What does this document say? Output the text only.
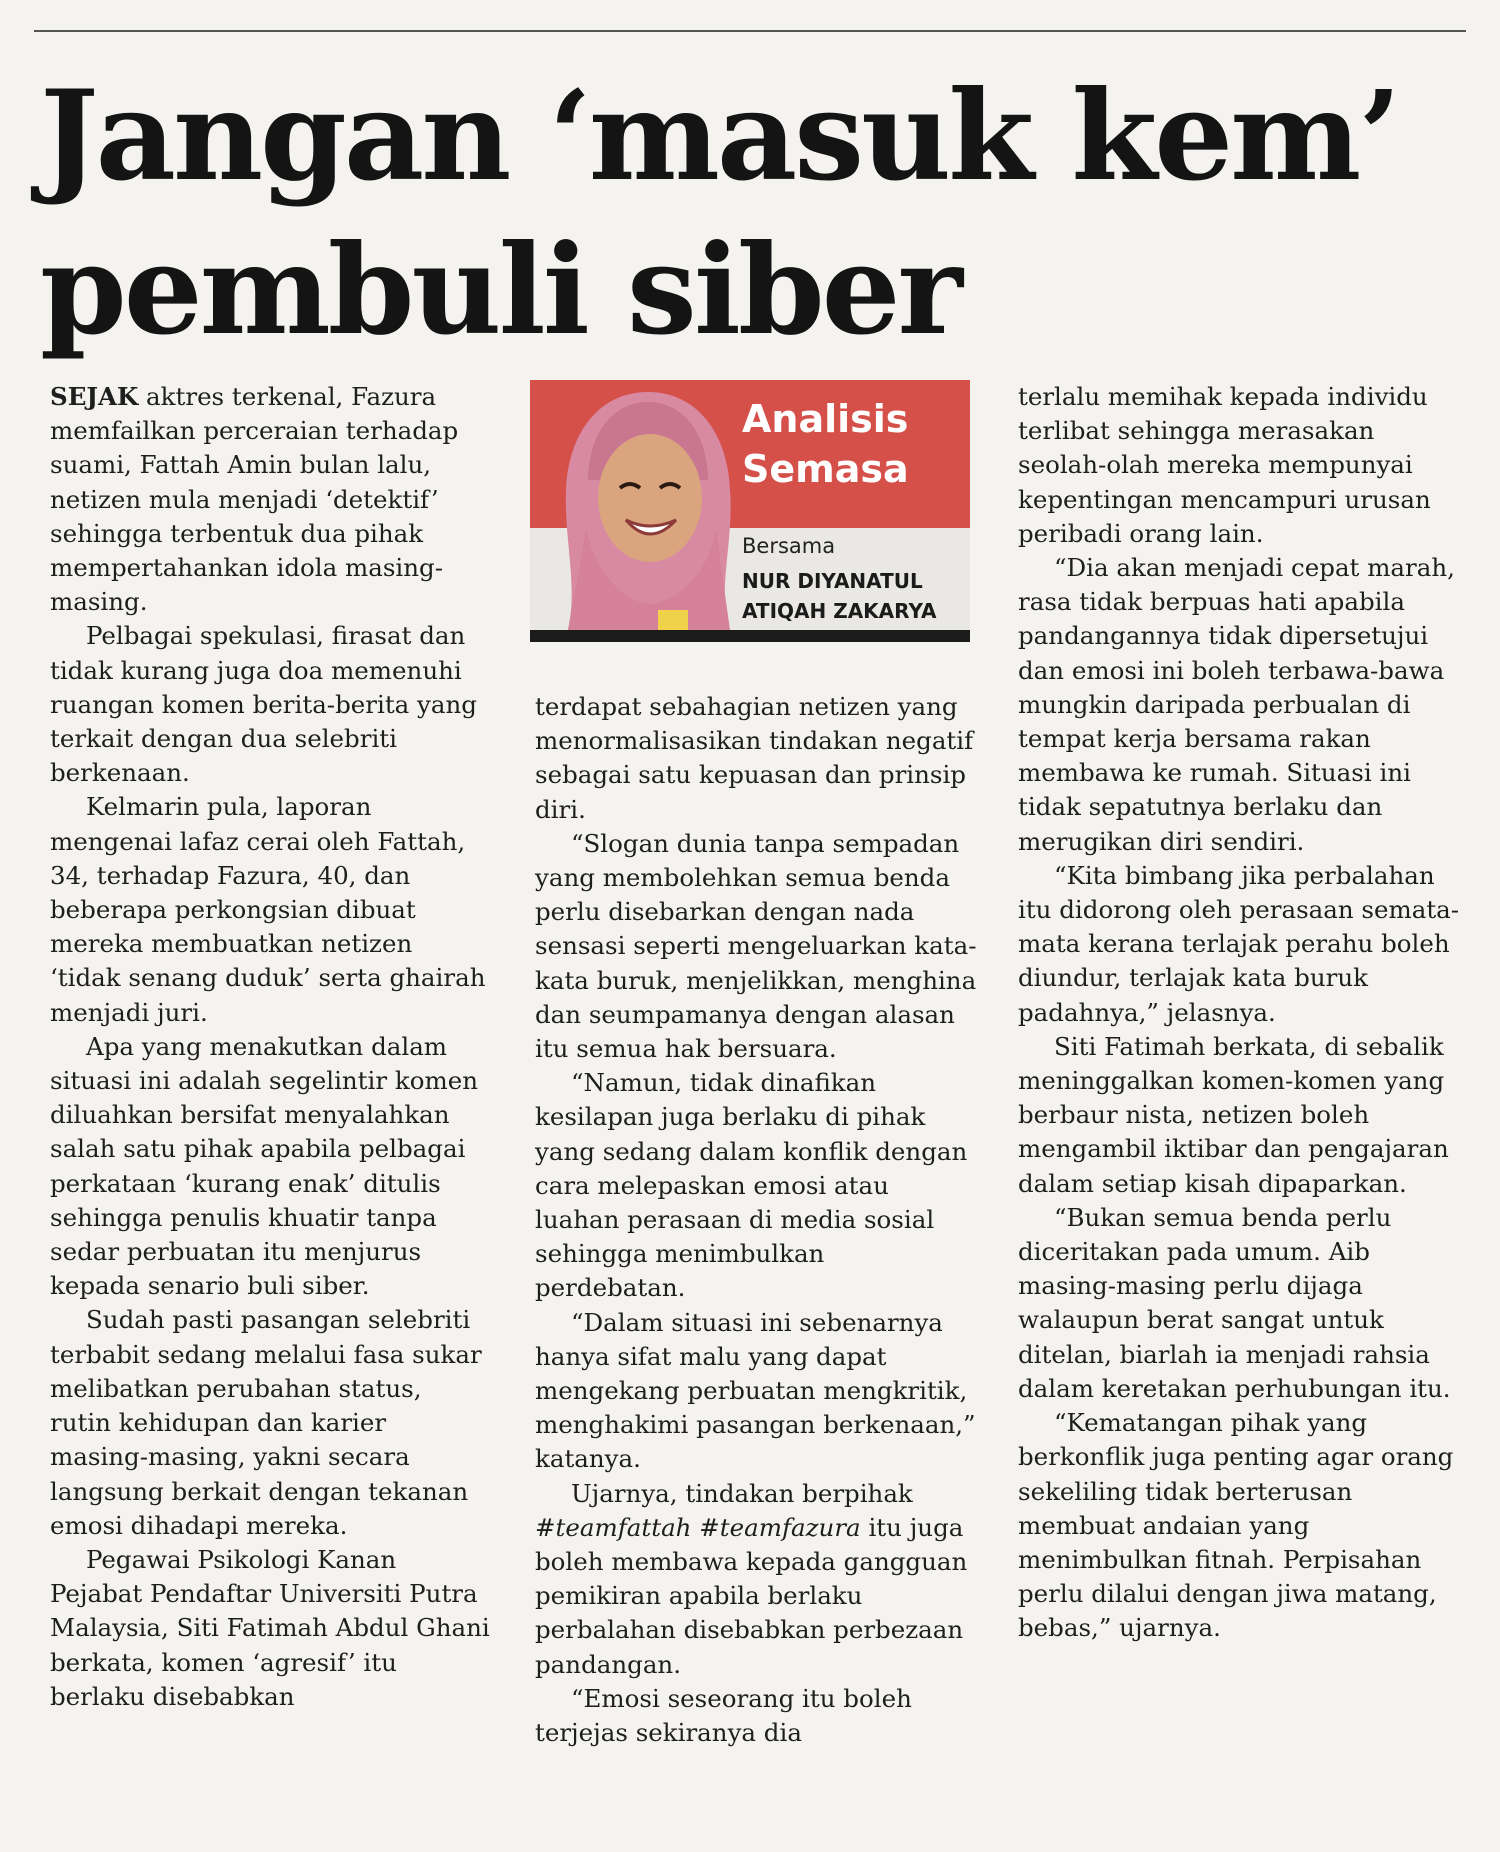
Jangan ‘masuk kem’
pembuli siber

SEJAK aktres terkenal, Fazura memfailkan perceraian terhadap suami, Fattah Amin bulan lalu, netizen mula menjadi ‘detektif’ sehingga terbentuk dua pihak mempertahankan idola masing-masing.

Pelbagai spekulasi, firasat dan tidak kurang juga doa memenuhi ruangan komen berita-berita yang terkait dengan dua selebriti berkenaan.

Kelmarin pula, laporan mengenai lafaz cerai oleh Fattah, 34, terhadap Fazura, 40, dan beberapa perkongsian dibuat mereka membuatkan netizen ‘tidak senang duduk’ serta ghairah menjadi juri.

Apa yang menakutkan dalam situasi ini adalah segelintir komen diluahkan bersifat menyalahkan salah satu pihak apabila pelbagai perkataan ‘kurang enak’ ditulis sehingga penulis khuatir tanpa sedar perbuatan itu menjurus kepada senario buli siber.

Sudah pasti pasangan selebriti terbabit sedang melalui fasa sukar melibatkan perubahan status, rutin kehidupan dan karier masing-masing, yakni secara langsung berkait dengan tekanan emosi dihadapi mereka.

Pegawai Psikologi Kanan Pejabat Pendaftar Universiti Putra Malaysia, Siti Fatimah Abdul Ghani berkata, komen ‘agresif’ itu berlaku disebabkan

Analisis
Semasa
Bersama
NUR DIYANATUL
ATIQAH ZAKARYA

terdapat sebahagian netizen yang menormalisasikan tindakan negatif sebagai satu kepuasan dan prinsip diri.

“Slogan dunia tanpa sempadan yang membolehkan semua benda perlu disebarkan dengan nada sensasi seperti mengeluarkan kata-kata buruk, menjelikkan, menghina dan seumpamanya dengan alasan itu semua hak bersuara.

“Namun, tidak dinafikan kesilapan juga berlaku di pihak yang sedang dalam konflik dengan cara melepaskan emosi atau luahan perasaan di media sosial sehingga menimbulkan perdebatan.

“Dalam situasi ini sebenarnya hanya sifat malu yang dapat mengekang perbuatan mengkritik, menghakimi pasangan berkenaan,” katanya.

Ujarnya, tindakan berpihak #teamfattah #teamfazura itu juga boleh membawa kepada gangguan pemikiran apabila berlaku perbalahan disebabkan perbezaan pandangan.

“Emosi seseorang itu boleh terjejas sekiranya dia

terlalu memihak kepada individu terlibat sehingga merasakan seolah-olah mereka mempunyai kepentingan mencampuri urusan peribadi orang lain.

“Dia akan menjadi cepat marah, rasa tidak berpuas hati apabila pandangannya tidak dipersetujui dan emosi ini boleh terbawa-bawa mungkin daripada perbualan di tempat kerja bersama rakan membawa ke rumah. Situasi ini tidak sepatutnya berlaku dan merugikan diri sendiri.

“Kita bimbang jika perbalahan itu didorong oleh perasaan semata-mata kerana terlajak perahu boleh diundur, terlajak kata buruk padahnya,” jelasnya.

Siti Fatimah berkata, di sebalik meninggalkan komen-komen yang berbaur nista, netizen boleh mengambil iktibar dan pengajaran dalam setiap kisah dipaparkan.

“Bukan semua benda perlu diceritakan pada umum. Aib masing-masing perlu dijaga walaupun berat sangat untuk ditelan, biarlah ia menjadi rahsia dalam keretakan perhubungan itu.

“Kematangan pihak yang berkonflik juga penting agar orang sekeliling tidak berterusan membuat andaian yang menimbulkan fitnah. Perpisahan perlu dilalui dengan jiwa matang, bebas,” ujarnya.
